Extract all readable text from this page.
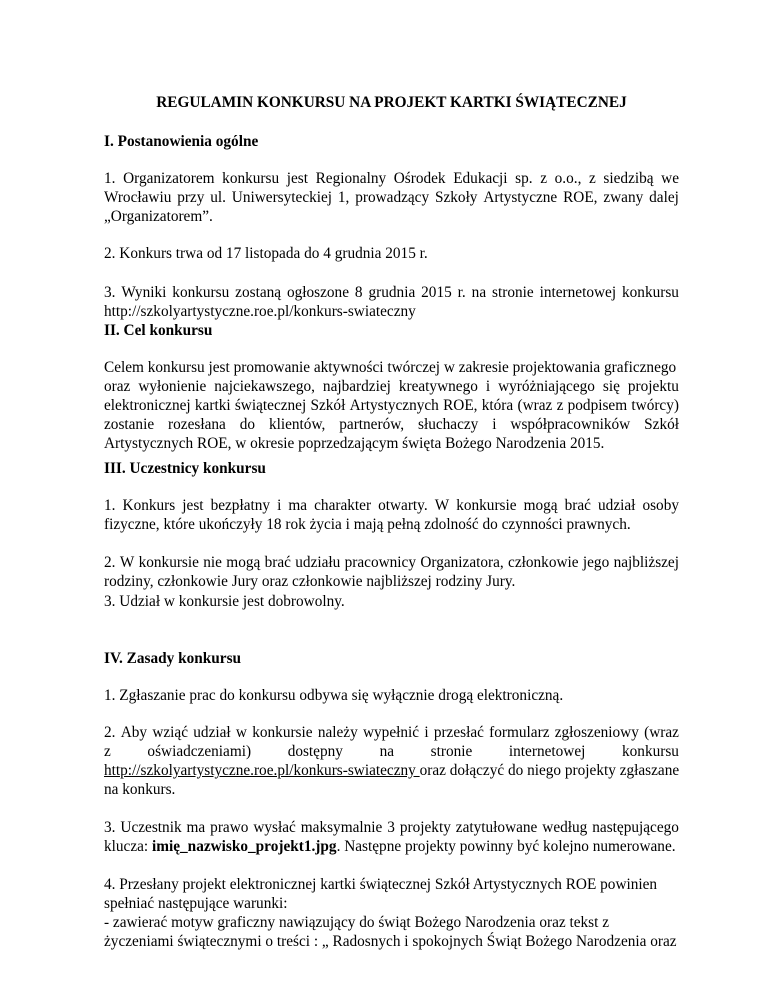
REGULAMIN KONKURSU NA PROJEKT KARTKI ŚWIĄTECZNEJ
I. Postanowienia ogólne
1. Organizatorem konkursu jest Regionalny Ośrodek Edukacji sp. z o.o., z siedzibą we
Wrocławiu przy ul. Uniwersyteckiej 1, prowadzący Szkoły Artystyczne ROE, zwany dalej
„Organizatorem”.
2. Konkurs trwa od 17 listopada do 4 grudnia 2015 r.
3. Wyniki konkursu zostaną ogłoszone 8 grudnia 2015 r. na stronie internetowej konkursu
http://szkolyartystyczne.roe.pl/konkurs-swiateczny
II. Cel konkursu
Celem konkursu jest promowanie aktywności twórczej w zakresie projektowania graficznego
oraz wyłonienie najciekawszego, najbardziej kreatywnego i wyróżniającego się projektu
elektronicznej kartki świątecznej Szkół Artystycznych ROE, która (wraz z podpisem twórcy)
zostanie rozesłana do klientów, partnerów, słuchaczy i współpracowników Szkół
Artystycznych ROE, w okresie poprzedzającym święta Bożego Narodzenia 2015.
III. Uczestnicy konkursu
1. Konkurs jest bezpłatny i ma charakter otwarty. W konkursie mogą brać udział osoby
fizyczne, które ukończyły 18 rok życia i mają pełną zdolność do czynności prawnych.
2. W konkursie nie mogą brać udziału pracownicy Organizatora, członkowie jego najbliższej
rodziny, członkowie Jury oraz członkowie najbliższej rodziny Jury.
3. Udział w konkursie jest dobrowolny.
IV. Zasady konkursu
1. Zgłaszanie prac do konkursu odbywa się wyłącznie drogą elektroniczną.
2. Aby wziąć udział w konkursie należy wypełnić i przesłać formularz zgłoszeniowy (wraz
z oświadczeniami) dostępny na stronie internetowej konkursu
http://szkolyartystyczne.roe.pl/konkurs-swiateczny oraz dołączyć do niego projekty zgłaszane
na konkurs.
3. Uczestnik ma prawo wysłać maksymalnie 3 projekty zatytułowane według następującego
klucza: imię_nazwisko_projekt1.jpg. Następne projekty powinny być kolejno numerowane.
4. Przesłany projekt elektronicznej kartki świątecznej Szkół Artystycznych ROE powinien
spełniać następujące warunki:
- zawierać motyw graficzny nawiązujący do świąt Bożego Narodzenia oraz tekst z
życzeniami świątecznymi o treści : „ Radosnych i spokojnych Świąt Bożego Narodzenia oraz
